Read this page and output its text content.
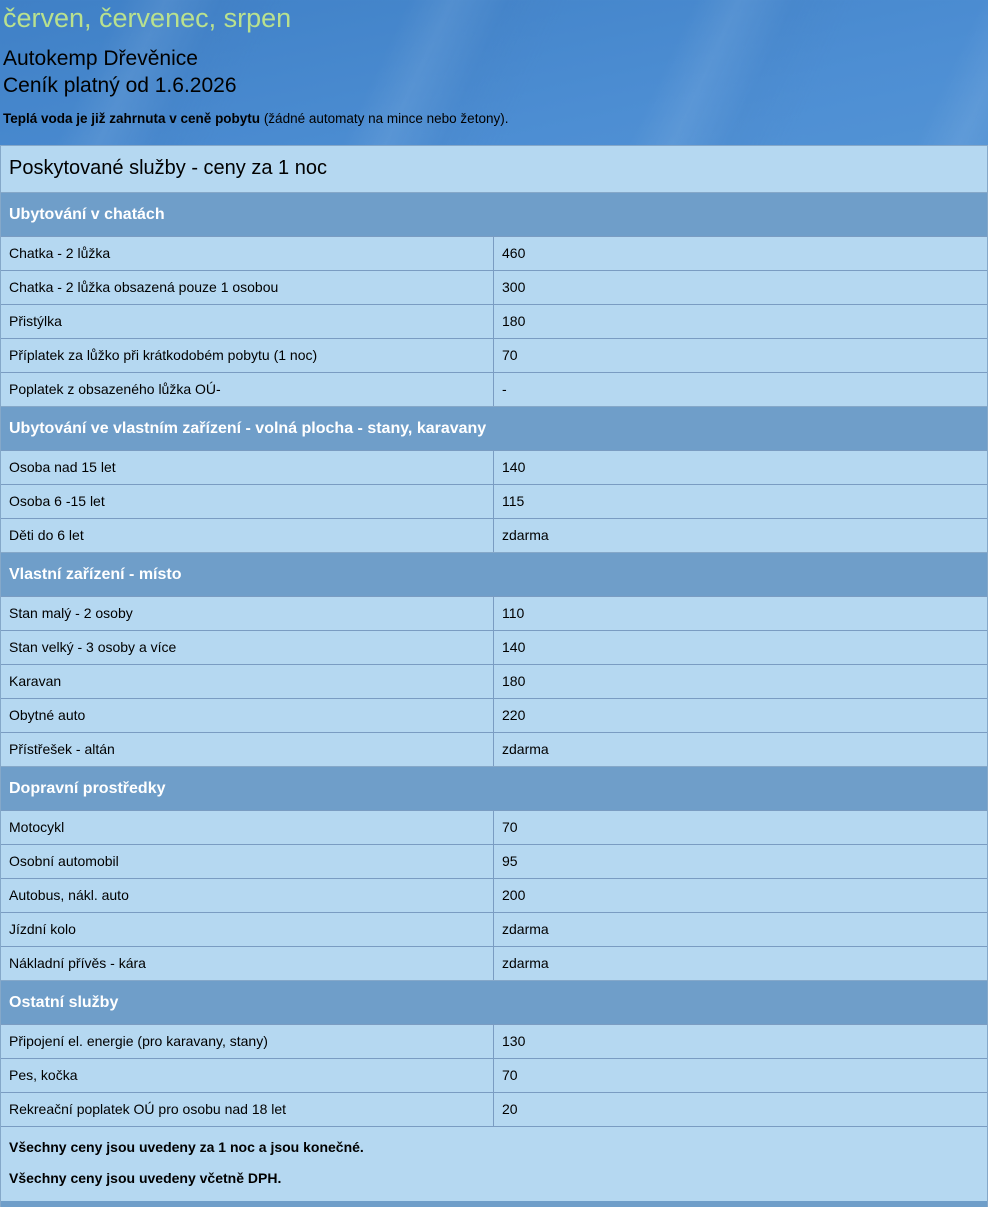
červen, červenec, srpen
Autokemp Dřevěnice
Ceník platný od 1.6.2026

Teplá voda je již zahrnuta v ceně pobytu (žádné automaty na mince nebo žetony).

Poskytované služby - ceny za 1 noc
Ubytování v chatách
Chatka - 2 lůžka	460
Chatka - 2 lůžka obsazená pouze 1 osobou	300
Přistýlka	180
Příplatek za lůžko při krátkodobém pobytu (1 noc)	70
Poplatek z obsazeného lůžka OÚ-	-
Ubytování ve vlastním zařízení - volná plocha - stany, karavany
Osoba nad 15 let	140
Osoba 6 -15 let	115
Děti do 6 let	zdarma
Vlastní zařízení - místo
Stan malý - 2 osoby	110
Stan velký - 3 osoby a více	140
Karavan	180
Obytné auto	220
Přístřešek - altán	zdarma
Dopravní prostředky
Motocykl	70
Osobní automobil	95
Autobus, nákl. auto	200
Jízdní kolo	zdarma
Nákladní přívěs - kára	zdarma
Ostatní služby
Připojení el. energie (pro karavany, stany)	130
Pes, kočka	70
Rekreační poplatek OÚ pro osobu nad 18 let	20

Všechny ceny jsou uvedeny za 1 noc a jsou konečné.

Všechny ceny jsou uvedeny včetně DPH.
